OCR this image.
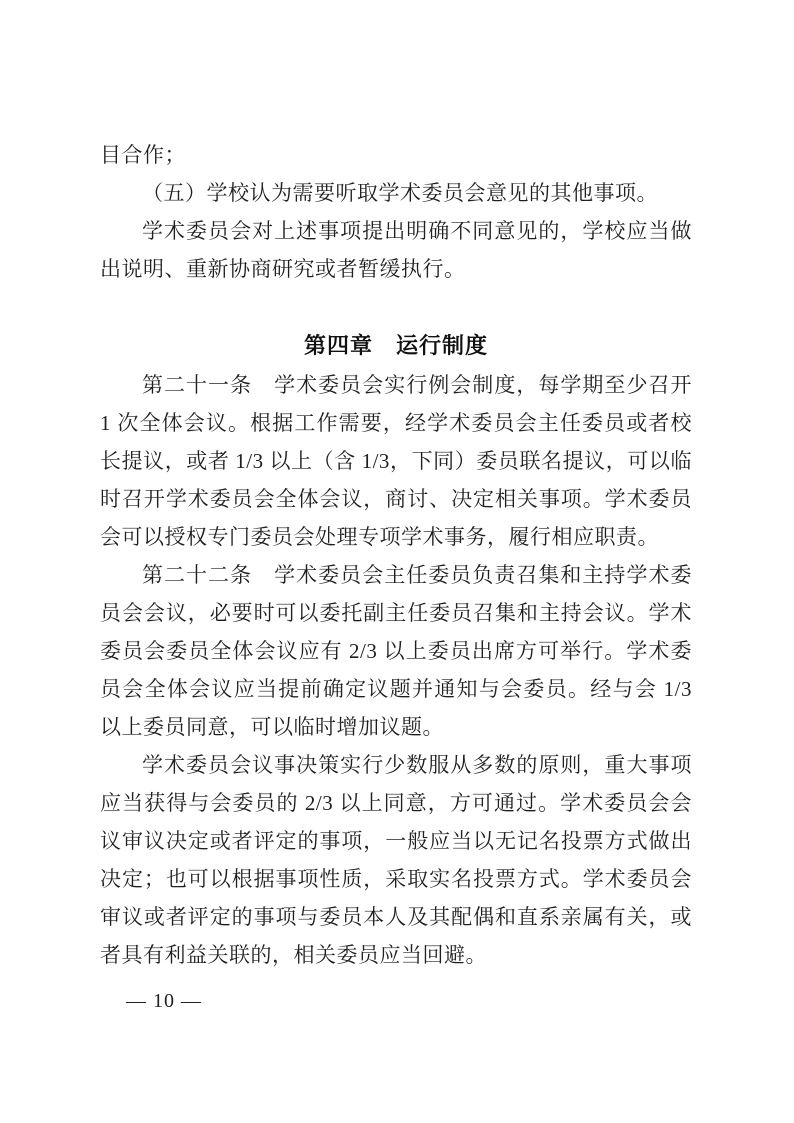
目合作；

（五）学校认为需要听取学术委员会意见的其他事项。

学术委员会对上述事项提出明确不同意见的，学校应当做出说明、重新协商研究或者暂缓执行。

第四章　运行制度

第二十一条　学术委员会实行例会制度，每学期至少召开 1 次全体会议。根据工作需要，经学术委员会主任委员或者校长提议，或者 1/3 以上（含 1/3，下同）委员联名提议，可以临时召开学术委员会全体会议，商讨、决定相关事项。学术委员会可以授权专门委员会处理专项学术事务，履行相应职责。

第二十二条　学术委员会主任委员负责召集和主持学术委员会会议，必要时可以委托副主任委员召集和主持会议。学术委员会委员全体会议应有 2/3 以上委员出席方可举行。学术委员会全体会议应当提前确定议题并通知与会委员。经与会 1/3 以上委员同意，可以临时增加议题。

学术委员会议事决策实行少数服从多数的原则，重大事项应当获得与会委员的 2/3 以上同意，方可通过。学术委员会会议审议决定或者评定的事项，一般应当以无记名投票方式做出决定；也可以根据事项性质，采取实名投票方式。学术委员会审议或者评定的事项与委员本人及其配偶和直系亲属有关，或者具有利益关联的，相关委员应当回避。

— 10 —
